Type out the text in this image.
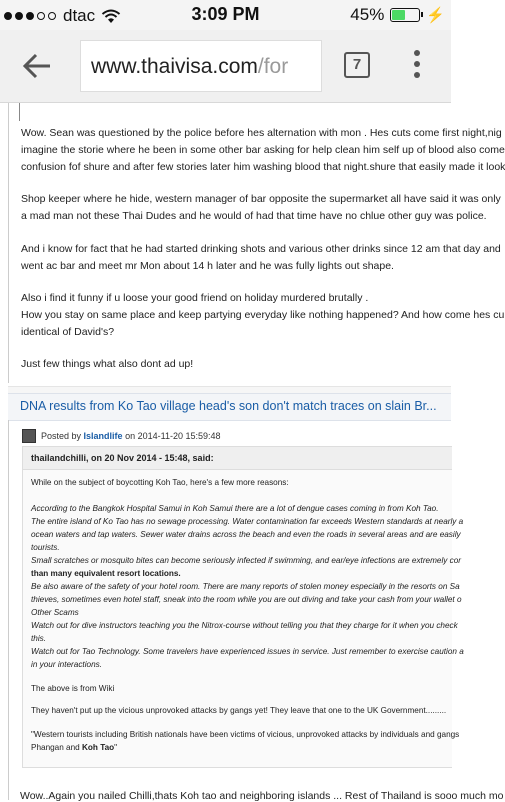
dtac	3:09 PM	45%	⚡
www.thaivisa.com/for	7
Wow. Sean was questioned by the police before hes alternation with mon . Hes cuts come first night,nig
imagine the storie where he been in some other bar asking for help clean him self up of blood also come
confusion fof shure and after few stories later him washing blood that night.shure that easily made it look
Shop keeper where he hide, western manager of bar opposite the supermarket all have said it was only
a mad man not these Thai Dudes and he would of had that time have no chlue other guy was police.
And i know for fact that he had started drinking shots and various other drinks since 12 am that day and
went ac bar and meet mr Mon about 14 h later and he was fully lights out shape.
Also i find it funny if u loose your good friend on holiday murdered brutally .
How you stay on same place and keep partying everyday like nothing happened? And how come hes cu
identical of David's?
Just few things what also dont ad up!
DNA results from Ko Tao village head's son don't match traces on slain Br...
Posted by
Islandlife
on 2014-11-20 15:59:48
thailandchilli, on 20 Nov 2014 - 15:48, said:
While on the subject of boycotting Koh Tao, here's a few more reasons:
According to the Bangkok Hospital Samui in Koh Samui there are a lot of dengue cases coming in from Koh Tao.
The entire island of Ko Tao has no sewage processing. Water contamination far exceeds Western standards at nearly a
ocean waters and tap waters. Sewer water drains across the beach and even the roads in several areas and are easily
tourists.
Small scratches or mosquito bites can become seriously infected if swimming, and ear/eye infections are extremely cor
than many equivalent resort locations.
Be also aware of the safety of your hotel room. There are many reports of stolen money especially in the resorts on Sa
thieves, sometimes even hotel staff, sneak into the room while you are out diving and take your cash from your wallet o
Other Scams
Watch out for dive instructors teaching you the Nitrox-course without telling you that they charge for it when you check
this.
Watch out for Tao Technology. Some travelers have experienced issues in service. Just remember to exercise caution a
in your interactions.
The above is from Wiki
They haven't put up the vicious unprovoked attacks by gangs yet! They leave that one to the UK Government.........
"Western tourists including British nationals have been victims of vicious, unprovoked attacks by individuals and gangs
Phangan and Koh Tao"
Wow..Again you nailed Chilli,thats Koh tao and neighboring islands ... Rest of Thailand is sooo much mo
